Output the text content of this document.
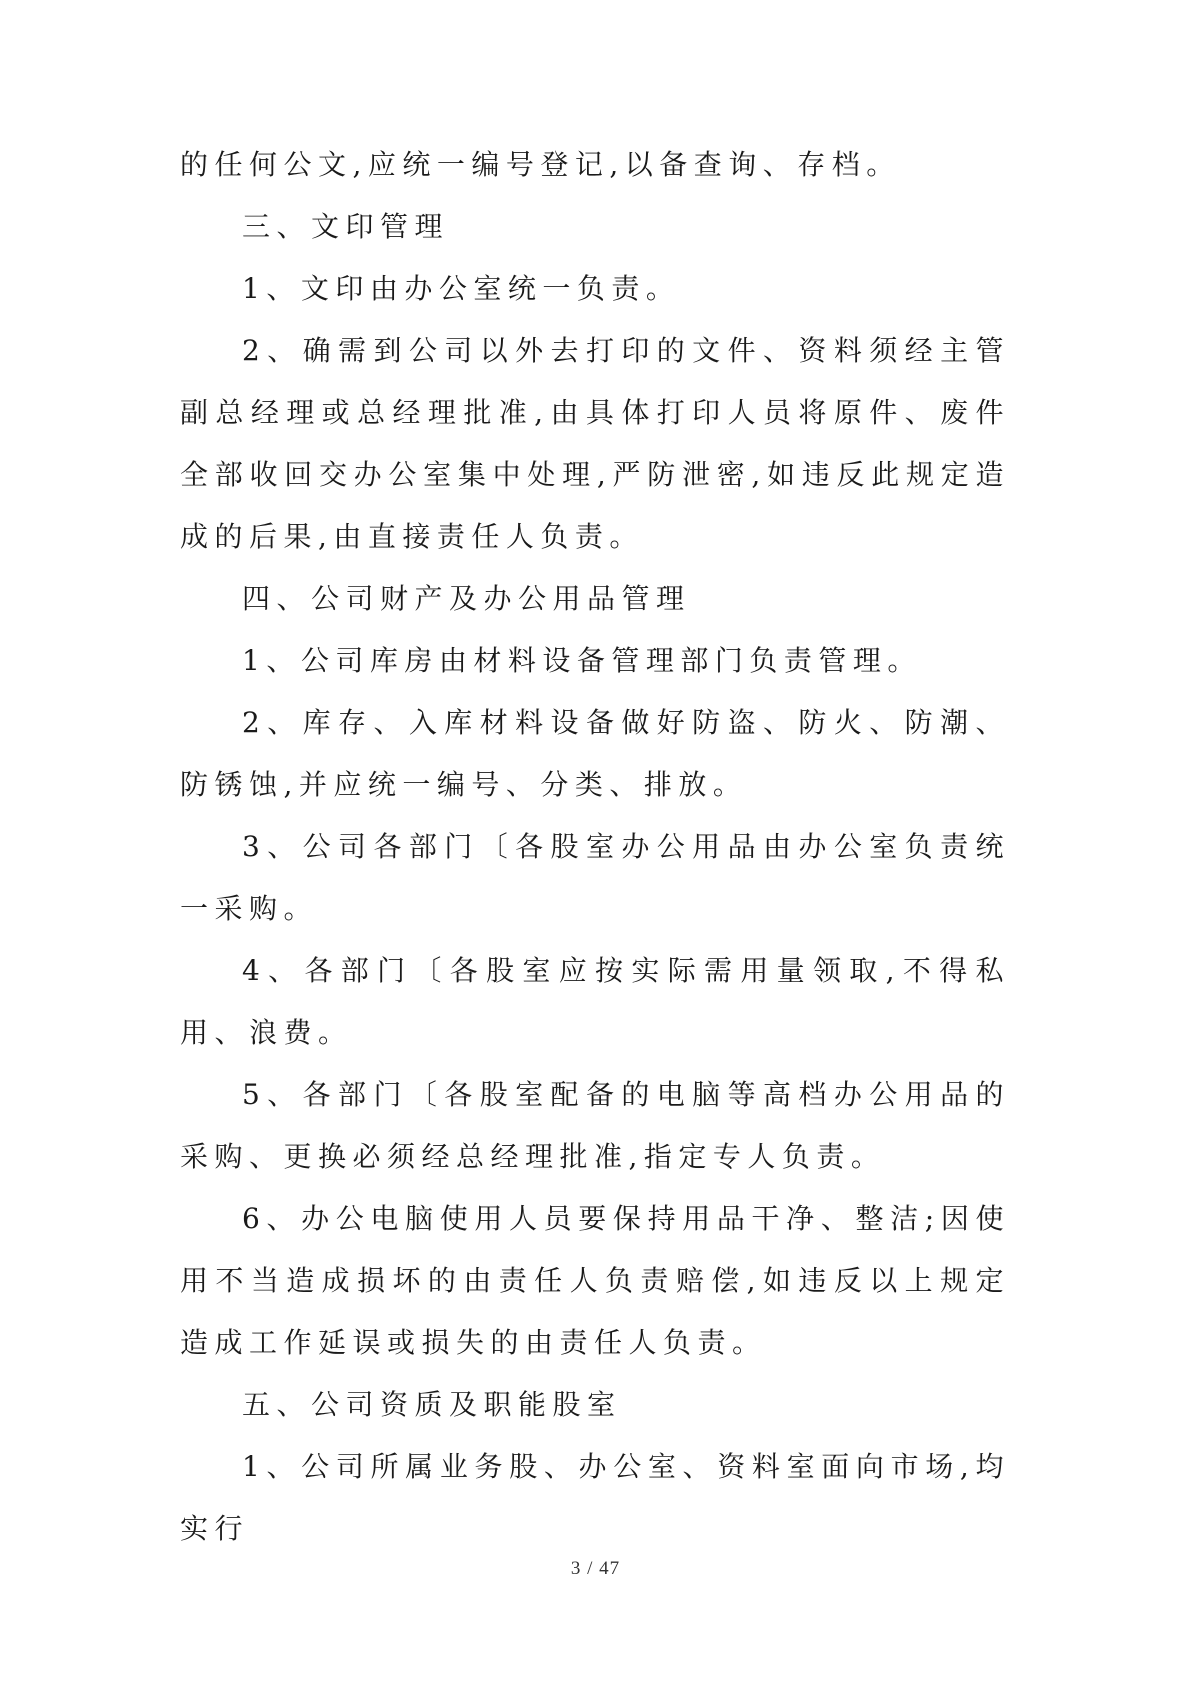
的任何公文,应统一编号登记,以备查询、存档。

三、文印管理

1、文印由办公室统一负责。

2、确需到公司以外去打印的文件、资料须经主管副总经理或总经理批准,由具体打印人员将原件、废件全部收回交办公室集中处理,严防泄密,如违反此规定造成的后果,由直接责任人负责。

四、公司财产及办公用品管理

1、公司库房由材料设备管理部门负责管理。

2、库存、入库材料设备做好防盗、防火、防潮、防锈蚀,并应统一编号、分类、排放。

3、公司各部门〔各股室办公用品由办公室负责统一采购。

4、各部门〔各股室应按实际需用量领取,不得私用、浪费。

5、各部门〔各股室配备的电脑等高档办公用品的采购、更换必须经总经理批准,指定专人负责。

6、办公电脑使用人员要保持用品干净、整洁;因使用不当造成损坏的由责任人负责赔偿,如违反以上规定造成工作延误或损失的由责任人负责。

五、公司资质及职能股室

1、公司所属业务股、办公室、资料室面向市场,均实行

3 / 47
